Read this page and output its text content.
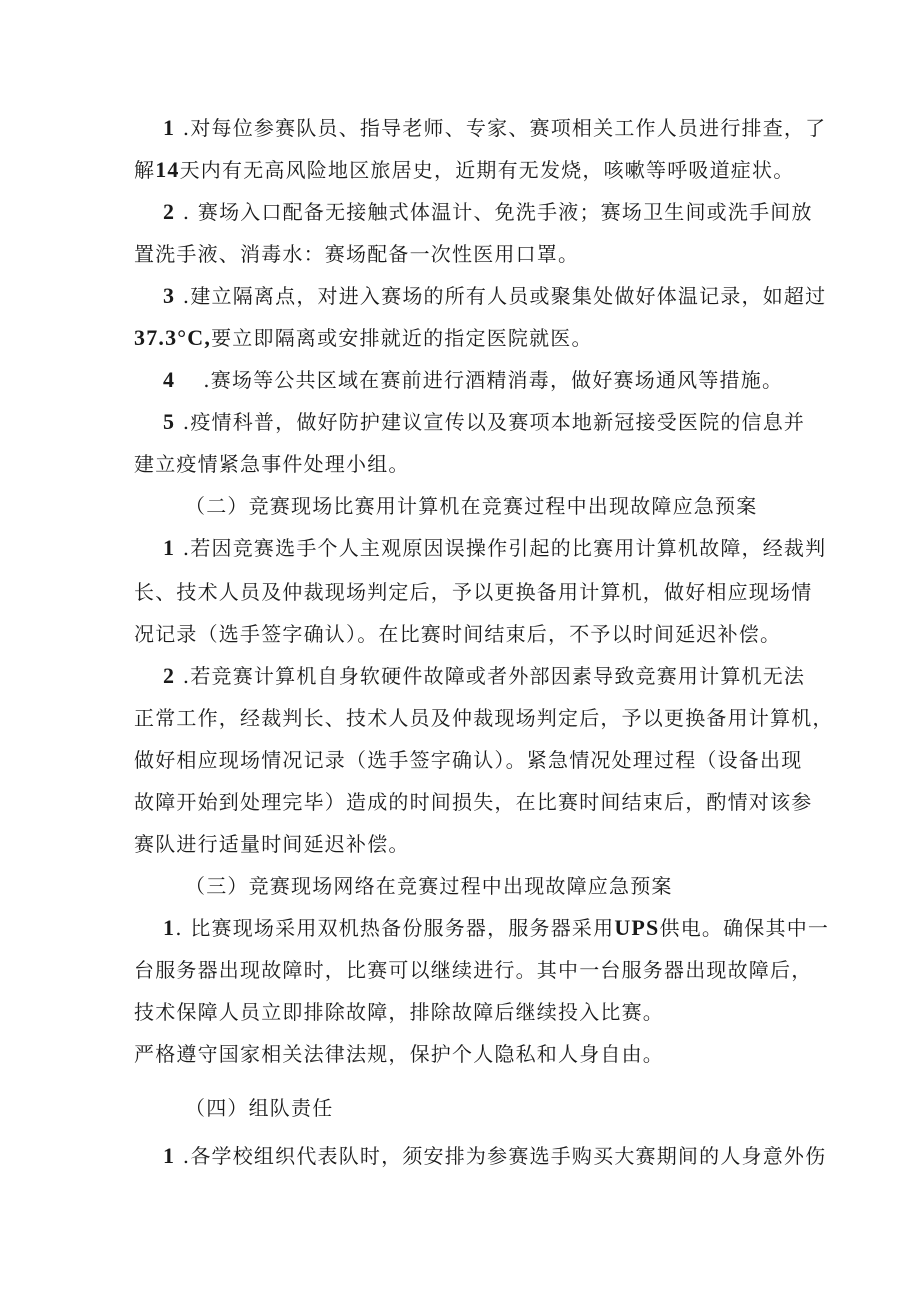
1 .对每位参赛队员、指导老师、专家、赛项相关工作人员进行排查，了
解14天内有无高风险地区旅居史，近期有无发烧，咳嗽等呼吸道症状。
2 . 赛场入口配备无接触式体温计、免洗手液；赛场卫生间或洗手间放
置洗手液、消毒水：赛场配备一次性医用口罩。
3 .建立隔离点，对进入赛场的所有人员或聚集处做好体温记录，如超过
37.3°C,要立即隔离或安排就近的指定医院就医。
4 .赛场等公共区域在赛前进行酒精消毒，做好赛场通风等措施。
5 .疫情科普，做好防护建议宣传以及赛项本地新冠接受医院的信息并
建立疫情紧急事件处理小组。
（二）竞赛现场比赛用计算机在竞赛过程中出现故障应急预案
1 .若因竞赛选手个人主观原因误操作引起的比赛用计算机故障，经裁判
长、技术人员及仲裁现场判定后，予以更换备用计算机，做好相应现场情
况记录（选手签字确认）。在比赛时间结束后，不予以时间延迟补偿。
2 .若竞赛计算机自身软硬件故障或者外部因素导致竞赛用计算机无法
正常工作，经裁判长、技术人员及仲裁现场判定后，予以更换备用计算机，
做好相应现场情况记录（选手签字确认）。紧急情况处理过程（设备出现
故障开始到处理完毕）造成的时间损失，在比赛时间结束后，酌情对该参
赛队进行适量时间延迟补偿。
（三）竞赛现场网络在竞赛过程中出现故障应急预案
1. 比赛现场采用双机热备份服务器，服务器采用UPS供电。确保其中一
台服务器出现故障时，比赛可以继续进行。其中一台服务器出现故障后，
技术保障人员立即排除故障，排除故障后继续投入比赛。
严格遵守国家相关法律法规，保护个人隐私和人身自由。
（四）组队责任
1 .各学校组织代表队时，须安排为参赛选手购买大赛期间的人身意外伤
